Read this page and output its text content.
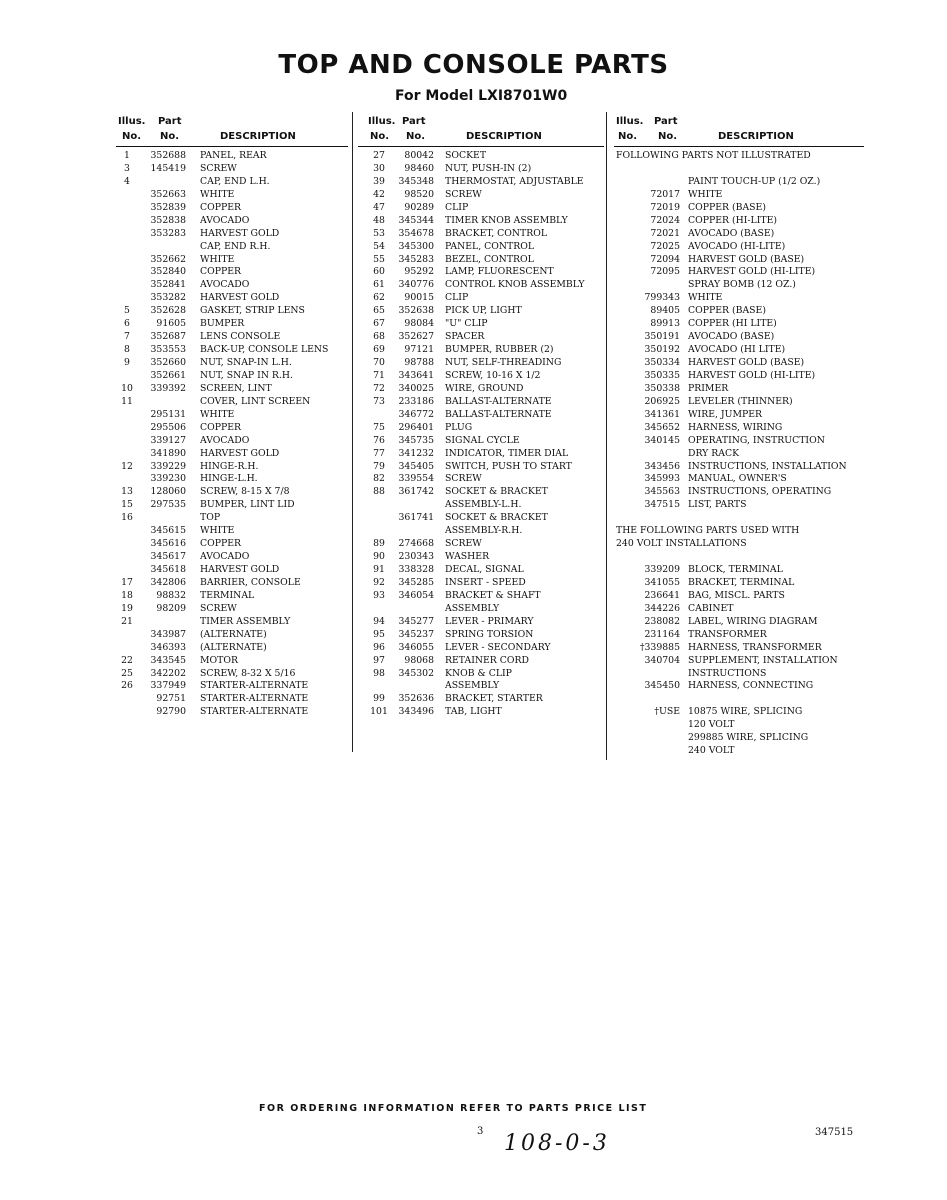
TOP AND CONSOLE PARTS
For Model LXI8701W0
Illus. Part
No. No.	DESCRIPTION
1	352688 PANEL, REAR
3	145419 SCREW
4	CAP, END L.H.
352663 WHITE
352839 COPPER
352838 AVOCADO
353283 HARVEST GOLD
CAP, END R.H.
352662 WHITE
352840 COPPER
352841 AVOCADO
353282 HARVEST GOLD
5	352628 GASKET, STRIP LENS
6	91605 BUMPER
7	352687 LENS CONSOLE
8	353553 BACK-UP, CONSOLE LENS
9	352660 NUT, SNAP-IN L.H.
352661 NUT, SNAP IN R.H.
10	339392 SCREEN, LINT
11	COVER, LINT SCREEN
295131 WHITE
295506 COPPER
339127 AVOCADO
341890 HARVEST GOLD
12	339229 HINGE-R.H.
339230 HINGE-L.H.
13	128060 SCREW, 8-15 X 7/8
15	297535 BUMPER, LINT LID
16	TOP
345615 WHITE
345616 COPPER
345617 AVOCADO
345618 HARVEST GOLD
17	342806 BARRIER, CONSOLE
18	98832 TERMINAL
19	98209 SCREW
21	TIMER ASSEMBLY
343987 (ALTERNATE)
346393 (ALTERNATE)
22	343545 MOTOR
25	342202 SCREW, 8-32 X 5/16
26	337949 STARTER-ALTERNATE
92751 STARTER-ALTERNATE
92790 STARTER-ALTERNATE
Illus. Part
No. No.	DESCRIPTION
27	80042 SOCKET
30	98460 NUT, PUSH-IN (2)
39	345348 THERMOSTAT, ADJUSTABLE
42	98520 SCREW
47	90289 CLIP
48	345344 TIMER KNOB ASSEMBLY
53	354678 BRACKET, CONTROL
54	345300 PANEL, CONTROL
55	345283 BEZEL, CONTROL
60	95292 LAMP, FLUORESCENT
61	340776 CONTROL KNOB ASSEMBLY
62	90015 CLIP
65	352638 PICK UP, LIGHT
67	98084 "U" CLIP
68	352627 SPACER
69	97121 BUMPER, RUBBER (2)
70	98788 NUT, SELF-THREADING
71	343641 SCREW, 10-16 X 1/2
72	340025 WIRE, GROUND
73	233186 BALLAST-ALTERNATE
346772 BALLAST-ALTERNATE
75	296401 PLUG
76	345735 SIGNAL CYCLE
77	341232 INDICATOR, TIMER DIAL
79	345405 SWITCH, PUSH TO START
82	339554 SCREW
88	361742 SOCKET & BRACKET
ASSEMBLY-L.H.
361741 SOCKET & BRACKET
ASSEMBLY-R.H.
89	274668 SCREW
90	230343 WASHER
91	338328 DECAL, SIGNAL
92	345285 INSERT - SPEED
93	346054 BRACKET & SHAFT
ASSEMBLY
94	345277 LEVER - PRIMARY
95	345237 SPRING TORSION
96	346055 LEVER - SECONDARY
97	98068 RETAINER CORD
98	345302 KNOB & CLIP
ASSEMBLY
99	352636 BRACKET, STARTER
101	343496 TAB, LIGHT
Illus. Part
No. No.	DESCRIPTION
FOLLOWING PARTS NOT ILLUSTRATED
PAINT TOUCH-UP (1/2 OZ.)
72017 WHITE
72019 COPPER (BASE)
72024 COPPER (HI-LITE)
72021 AVOCADO (BASE)
72025 AVOCADO (HI-LITE)
72094 HARVEST GOLD (BASE)
72095 HARVEST GOLD (HI-LITE)
SPRAY BOMB (12 OZ.)
799343 WHITE
89405 COPPER (BASE)
89913 COPPER (HI LITE)
350191 AVOCADO (BASE)
350192 AVOCADO (HI LITE)
350334 HARVEST GOLD (BASE)
350335 HARVEST GOLD (HI-LITE)
350338 PRIMER
206925 LEVELER (THINNER)
341361 WIRE, JUMPER
345652 HARNESS, WIRING
340145 OPERATING, INSTRUCTION
DRY RACK
343456 INSTRUCTIONS, INSTALLATION
345993 MANUAL, OWNER'S
345563 INSTRUCTIONS, OPERATING
347515 LIST, PARTS
THE FOLLOWING PARTS USED WITH
240 VOLT INSTALLATIONS
339209 BLOCK, TERMINAL
341055 BRACKET, TERMINAL
236641 BAG, MISCL. PARTS
344226 CABINET
238082 LABEL, WIRING DIAGRAM
231164 TRANSFORMER
†339885 HARNESS, TRANSFORMER
340704 SUPPLEMENT, INSTALLATION
INSTRUCTIONS
345450 HARNESS, CONNECTING
†USE 10875 WIRE, SPLICING
120 VOLT
299885 WIRE, SPLICING
240 VOLT
FOR ORDERING INFORMATION REFER TO PARTS PRICE LIST
3 108-0-3	347515
